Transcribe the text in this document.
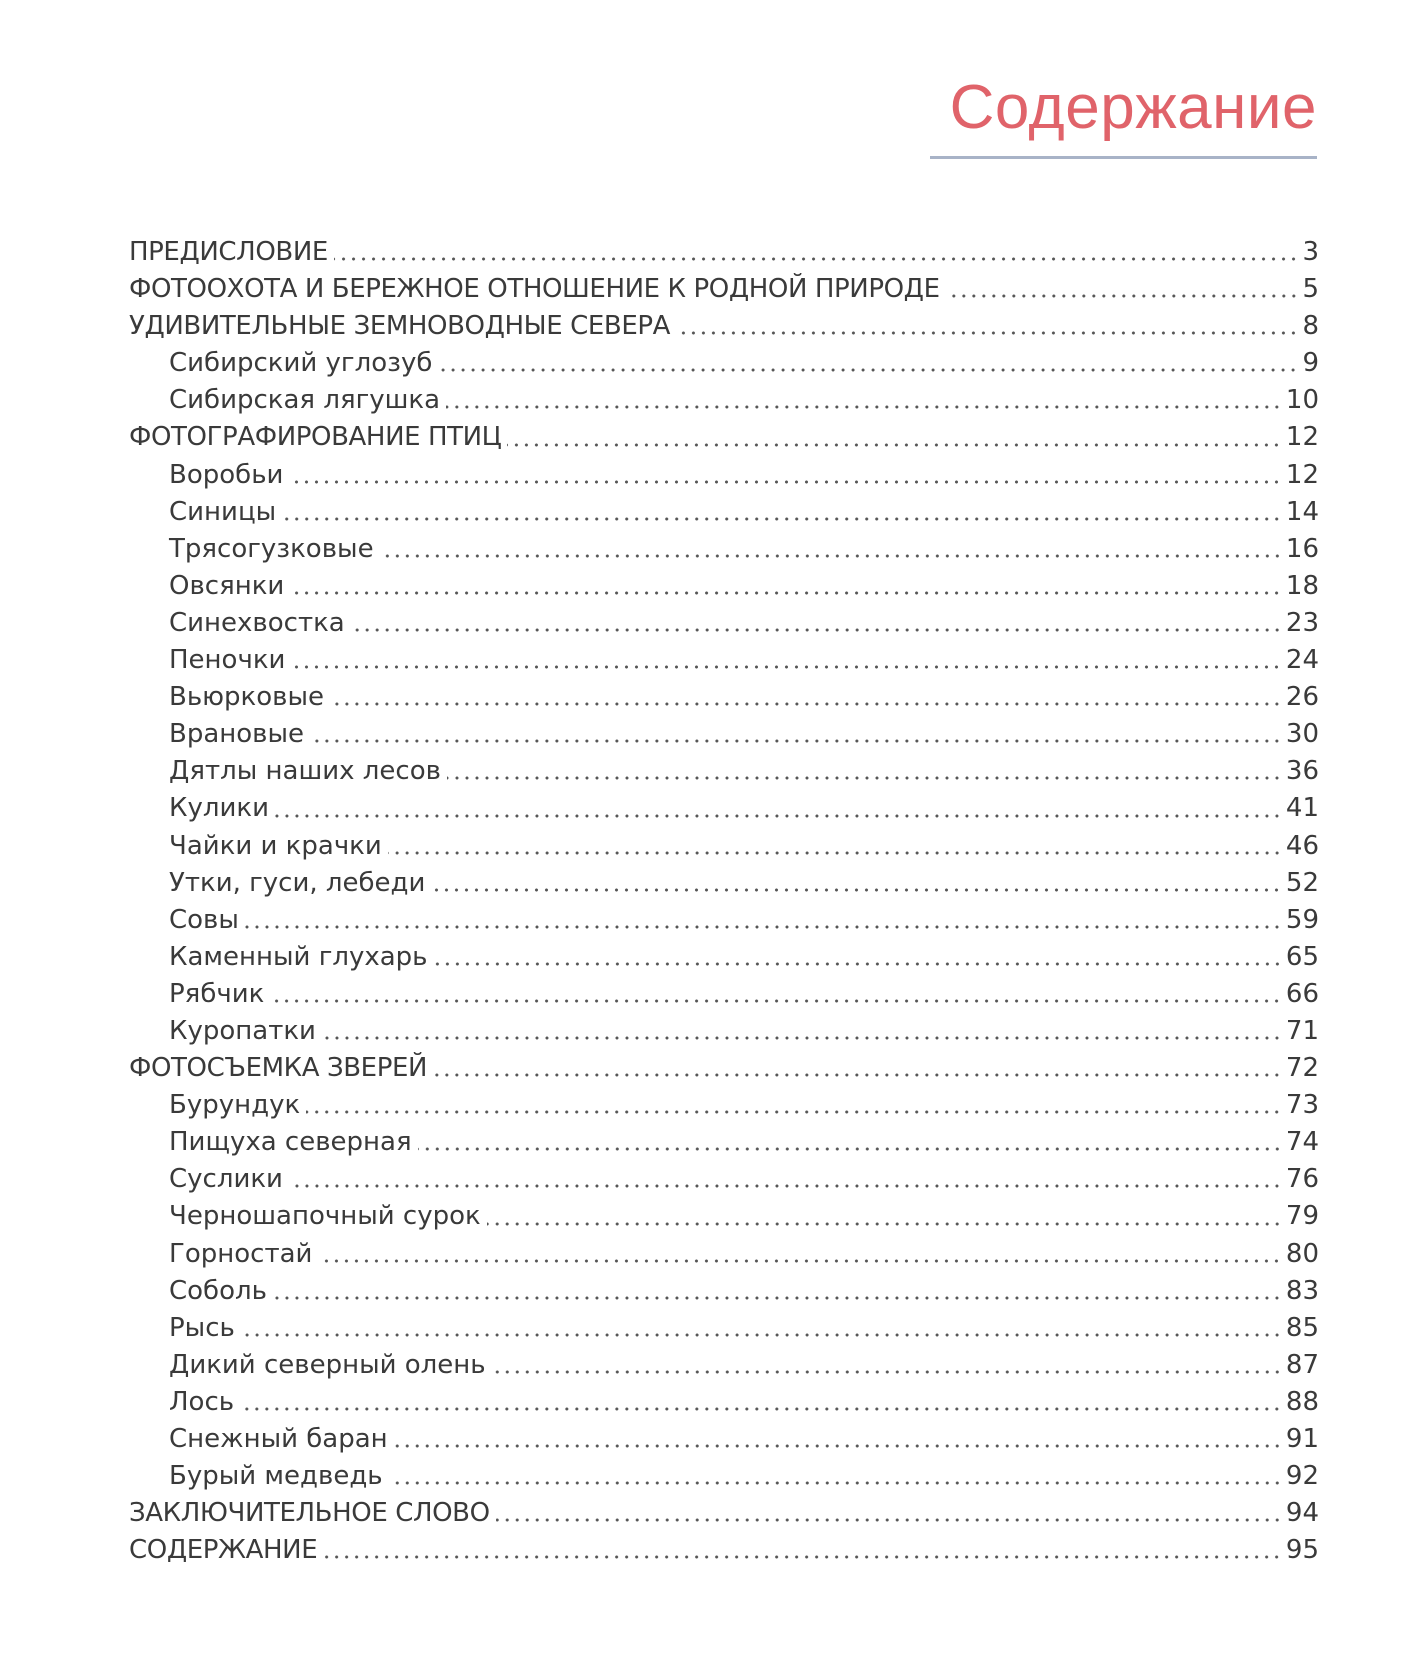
Содержание
ПРЕДИСЛОВИЕ	3
ФОТООХОТА И БЕРЕЖНОЕ ОТНОШЕНИЕ К РОДНОЙ ПРИРОДЕ	5
УДИВИТЕЛЬНЫЕ ЗЕМНОВОДНЫЕ СЕВЕРА	8
Сибирский углозуб	9
Сибирская лягушка	10
ФОТОГРАФИРОВАНИЕ ПТИЦ	12
Воробьи	12
Синицы	14
Трясогузковые	16
Овсянки	18
Синехвостка	23
Пеночки	24
Вьюрковые	26
Врановые	30
Дятлы наших лесов	36
Кулики	41
Чайки и крачки	46
Утки, гуси, лебеди	52
Совы	59
Каменный глухарь	65
Рябчик	66
Куропатки	71
ФОТОСЪЕМКА ЗВЕРЕЙ	72
Бурундук	73
Пищуха северная	74
Суслики	76
Черношапочный сурок	79
Горностай	80
Соболь	83
Рысь	85
Дикий северный олень	87
Лось	88
Снежный баран	91
Бурый медведь	92
ЗАКЛЮЧИТЕЛЬНОЕ СЛОВО	94
СОДЕРЖАНИЕ	95
